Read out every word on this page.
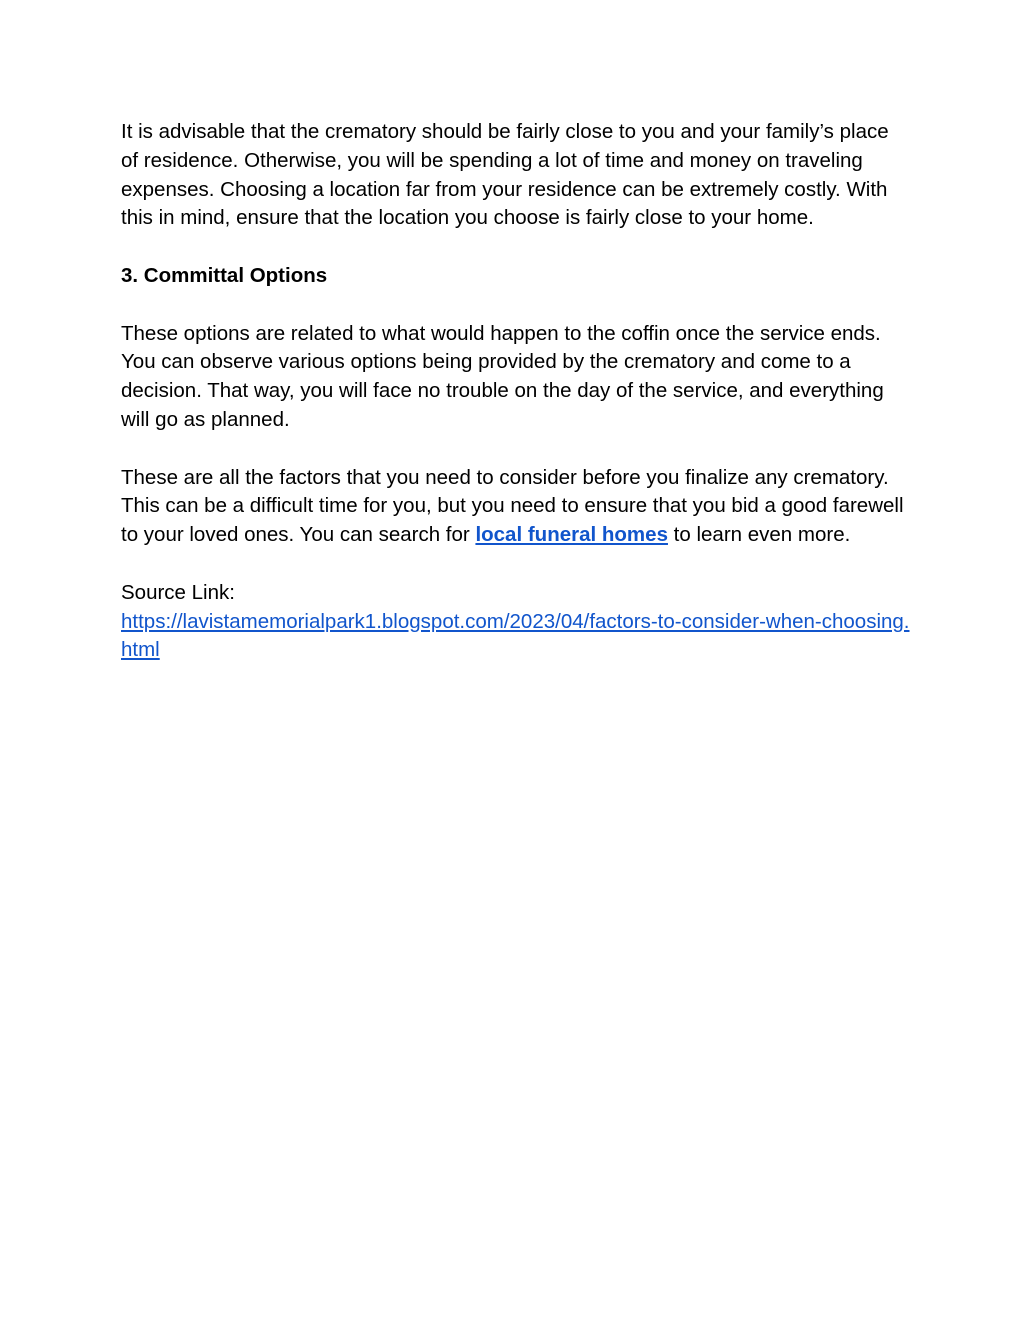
It is advisable that the crematory should be fairly close to you and your family’s place of residence. Otherwise, you will be spending a lot of time and money on traveling expenses. Choosing a location far from your residence can be extremely costly. With this in mind, ensure that the location you choose is fairly close to your home.

3. Committal Options

These options are related to what would happen to the coffin once the service ends. You can observe various options being provided by the crematory and come to a decision. That way, you will face no trouble on the day of the service, and everything will go as planned.

These are all the factors that you need to consider before you finalize any crematory. This can be a difficult time for you, but you need to ensure that you bid a good farewell to your loved ones. You can search for local funeral homes to learn even more.

Source Link:
https://lavistamemorialpark1.blogspot.com/2023/04/factors-to-consider-when-choosing.html
